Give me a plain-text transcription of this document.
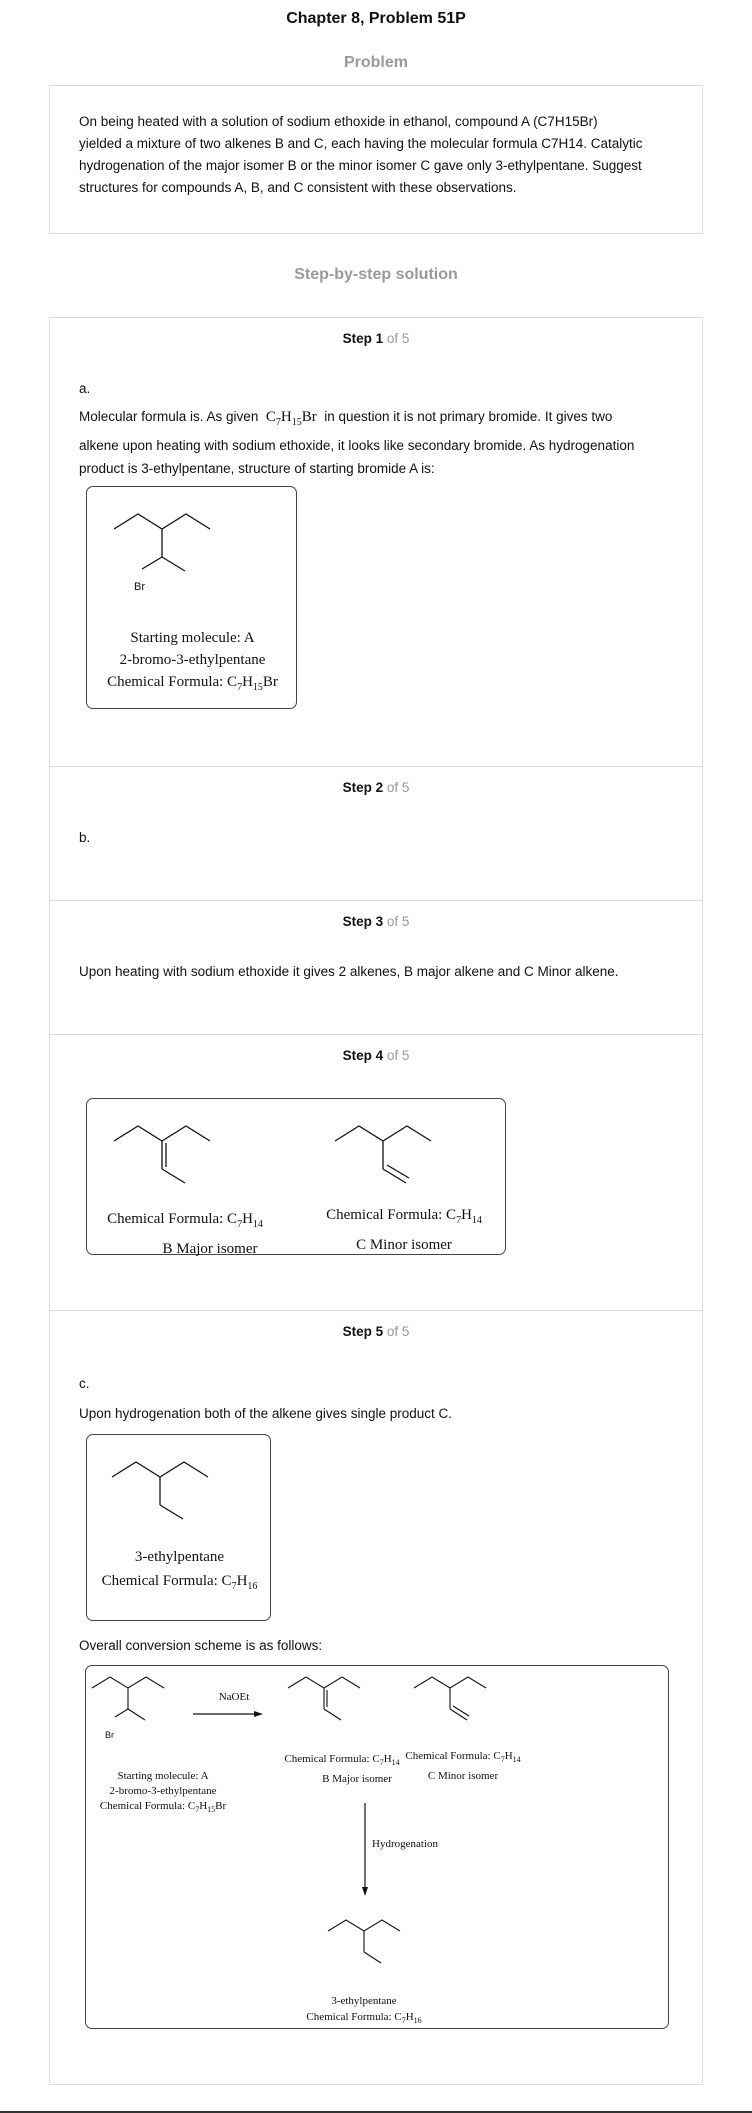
Chapter 8, Problem 51P
Problem
On being heated with a solution of sodium ethoxide in ethanol, compound A (C7H15Br)
yielded a mixture of two alkenes B and C, each having the molecular formula C7H14. Catalytic
hydrogenation of the major isomer B or the minor isomer C gave only 3-ethylpentane. Suggest
structures for compounds A, B, and C consistent with these observations.
Step-by-step solution
Step 1 of 5
a.
Molecular formula is. As given $C_7H_{15}Br$ in question it is not primary bromide. It gives two
alkene upon heating with sodium ethoxide, it looks like secondary bromide. As hydrogenation
product is 3-ethylpentane, structure of starting bromide A is:
Br
Starting molecule: A
2-bromo-3-ethylpentane
Chemical Formula: $C_7H_{15}Br$
Step 2 of 5
b.
Step 3 of 5
Upon heating with sodium ethoxide it gives 2 alkenes, B major alkene and C Minor alkene.
Step 4 of 5
Chemical Formula: $C_7H_{14}$
B Major isomer
Chemical Formula: $C_7H_{14}$
C Minor isomer
Step 5 of 5
c.
Upon hydrogenation both of the alkene gives single product C.
3-ethylpentane
Chemical Formula: $C_7H_{16}$
Overall conversion scheme is as follows:
Br
Starting molecule: A
2-bromo-3-ethylpentane
Chemical Formula: $C_7H_{15}Br$
NaOEt
Chemical Formula: $C_7H_{14}$
B Major isomer
Chemical Formula: $C_7H_{14}$
C Minor isomer
Hydrogenation
3-ethylpentane
Chemical Formula: $C_7H_{16}$
